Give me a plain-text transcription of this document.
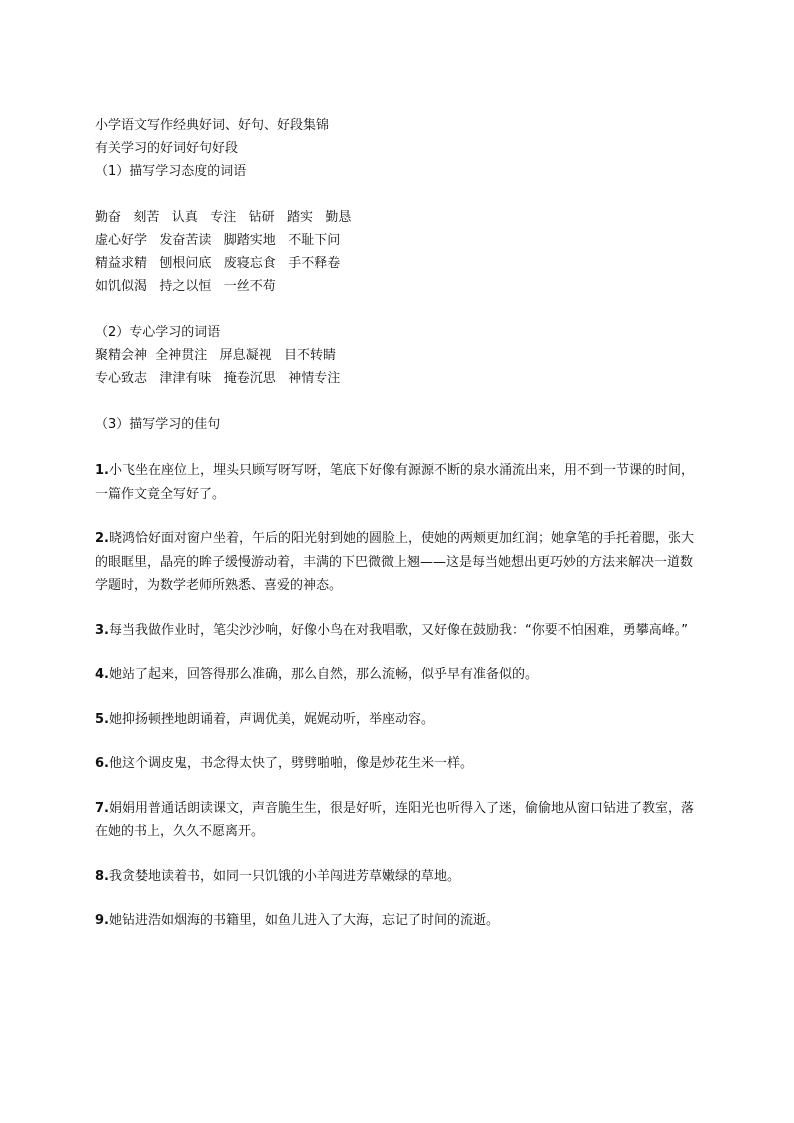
小学语文写作经典好词、好句、好段集锦
有关学习的好词好句好段
（1）描写学习态度的词语
勤奋   刻苦   认真   专注   钻研   踏实   勤恳
虚心好学   发奋苦读   脚踏实地   不耻下问
精益求精   刨根问底   废寝忘食   手不释卷
如饥似渴   持之以恒   一丝不苟
（2）专心学习的词语
聚精会神  全神贯注   屏息凝视   目不转睛
专心致志   津津有味   掩卷沉思   神情专注
（3）描写学习的佳句
1.小飞坐在座位上，埋头只顾写呀写呀，笔底下好像有源源不断的泉水涌流出来，用不到一节课的时间，一篇作文竟全写好了。
2.晓鸿恰好面对窗户坐着，午后的阳光射到她的圆脸上，使她的两颊更加红润；她拿笔的手托着腮，张大的眼眶里，晶亮的眸子缓慢游动着，丰满的下巴微微上翘——这是每当她想出更巧妙的方法来解决一道数学题时，为数学老师所熟悉、喜爱的神态。
3.每当我做作业时，笔尖沙沙响，好像小鸟在对我唱歌，又好像在鼓励我：“你要不怕困难，勇攀高峰。”
4.她站了起来，回答得那么准确，那么自然，那么流畅，似乎早有准备似的。
5.她抑扬顿挫地朗诵着，声调优美，娓娓动听，举座动容。
6.他这个调皮鬼，书念得太快了，劈劈啪啪，像是炒花生米一样。
7.娟娟用普通话朗读课文，声音脆生生，很是好听，连阳光也听得入了迷，偷偷地从窗口钻进了教室，落在她的书上，久久不愿离开。
8.我贪婪地读着书，如同一只饥饿的小羊闯进芳草嫩绿的草地。
9.她钻进浩如烟海的书籍里，如鱼儿进入了大海，忘记了时间的流逝。
